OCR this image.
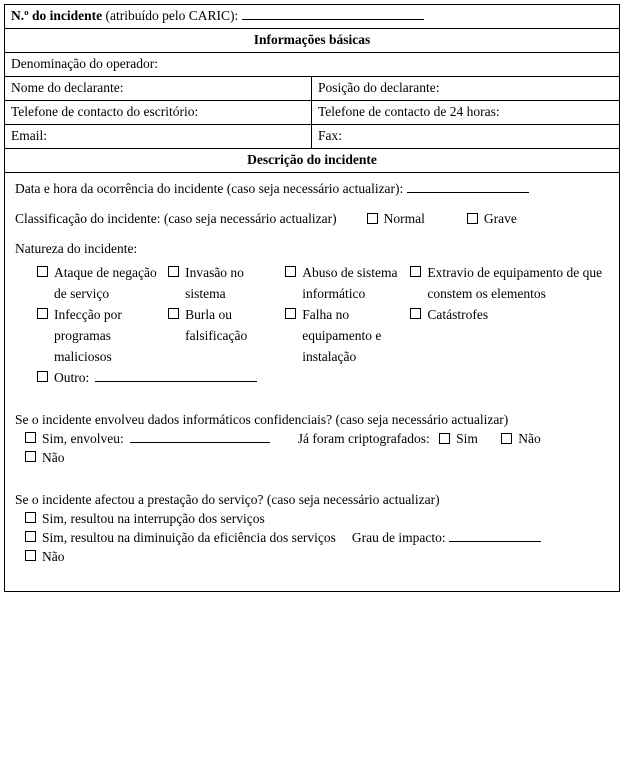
N.º do incidente (atribuído pelo CARIC):
Informações básicas
Denominação do operador:
Nome do declarante:	Posição do declarante:
Telefone de contacto do escritório:	Telefone de contacto de 24 horas:
Email:	Fax:
Descrição do incidente
Data e hora da ocorrência do incidente (caso seja necessário actualizar):
Classificação do incidente: (caso seja necessário actualizar)	Normal	Grave
Natureza do incidente:
Ataque de negação de serviço
Invasão no sistema
Abuso de sistema informático
Extravio de equipamento de que constem os elementos
Infecção por programas maliciosos
Burla ou falsificação
Falha no equipamento e instalação
Catástrofes
Outro:
Se o incidente envolveu dados informáticos confidenciais? (caso seja necessário actualizar)
Sim, envolveu:	Já foram criptografados: Sim	Não
Não
Se o incidente afectou a prestação do serviço? (caso seja necessário actualizar)
Sim, resultou na interrupção dos serviços
Sim, resultou na diminuição da eficiência dos serviços Grau de impacto:
Não
